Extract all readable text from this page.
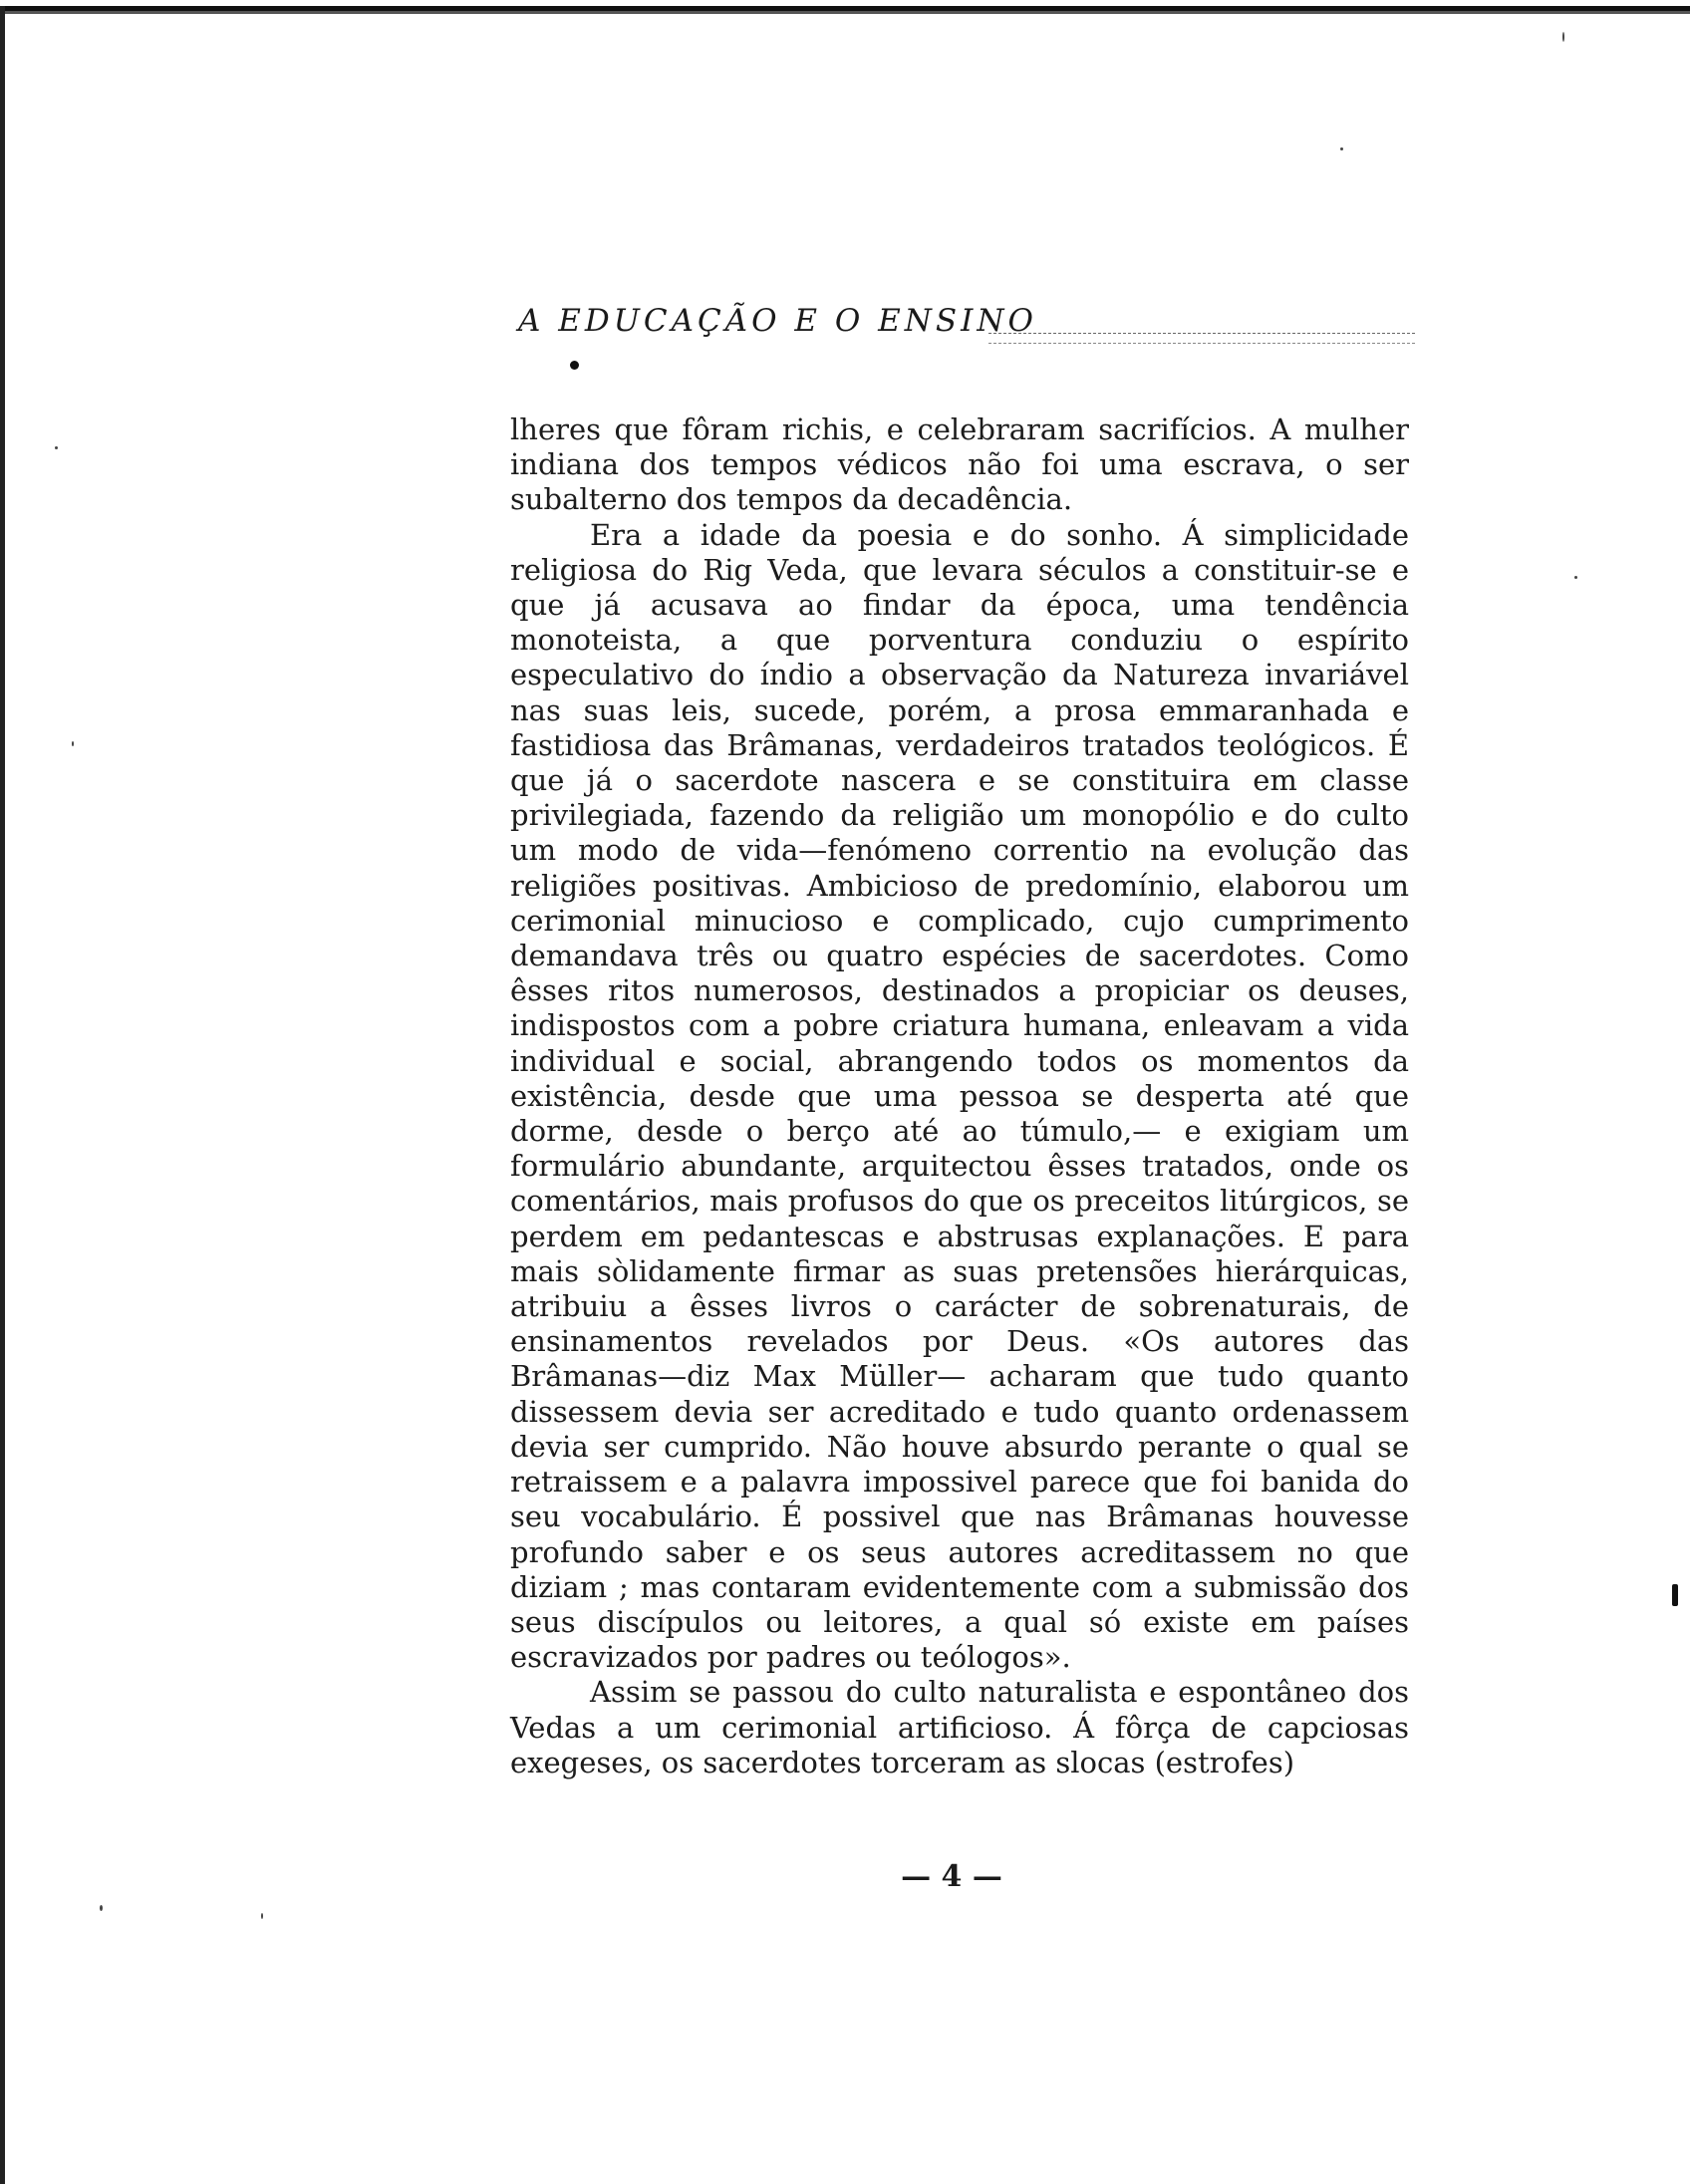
A EDUCAÇÃO E O ENSINO

lheres que fôram richis, e celebraram sacrifícios. A mulher indiana dos tempos védicos não foi uma escrava, o ser subalterno dos tempos da decadência.

Era a idade da poesia e do sonho. Á simplicidade religiosa do Rig Veda, que levara séculos a constituir-se e que já acusava ao findar da época, uma tendência monoteista, a que porventura conduziu o espírito especulativo do índio a observação da Natureza invariável nas suas leis, sucede, porém, a prosa emmaranhada e fastidiosa das Brâmanas, verdadeiros tratados teológicos. É que já o sacerdote nascera e se constituira em classe privilegiada, fazendo da religião um monopólio e do culto um modo de vida—fenómeno correntio na evolução das religiões positivas. Ambicioso de predomínio, elaborou um cerimonial minucioso e complicado, cujo cumprimento demandava três ou quatro espécies de sacerdotes. Como êsses ritos numerosos, destinados a propiciar os deuses, indispostos com a pobre criatura humana, enleavam a vida individual e social, abrangendo todos os momentos da existência, desde que uma pessoa se desperta até que dorme, desde o berço até ao túmulo,— e exigiam um formulário abundante, arquitectou êsses tratados, onde os comentários, mais profusos do que os preceitos litúrgicos, se perdem em pedantescas e abstrusas explanações. E para mais sòlidamente firmar as suas pretensões hierárquicas, atribuiu a êsses livros o carácter de sobrenaturais, de ensinamentos revelados por Deus. «Os autores das Brâmanas—diz Max Müller— acharam que tudo quanto dissessem devia ser acreditado e tudo quanto ordenassem devia ser cumprido. Não houve absurdo perante o qual se retraissem e a palavra impossivel parece que foi banida do seu vocabulário. É possivel que nas Brâmanas houvesse profundo saber e os seus autores acreditassem no que diziam ; mas contaram evidentemente com a submissão dos seus discípulos ou leitores, a qual só existe em países escravizados por padres ou teólogos».

Assim se passou do culto naturalista e espontâneo dos Vedas a um cerimonial artificioso. Á fôrça de capciosas exegeses, os sacerdotes torceram as slocas (estrofes)

— 4 —
